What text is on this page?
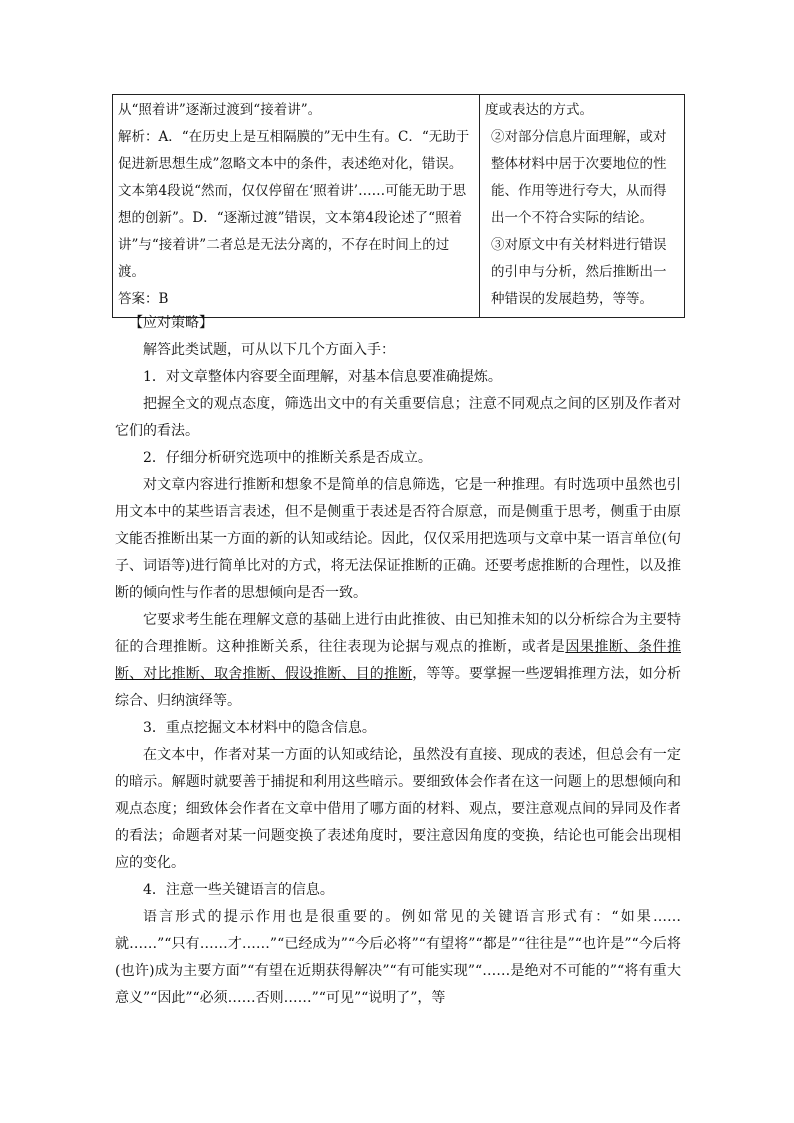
从“照着讲”逐渐过渡到“接着讲”。
解析：A．“在历史上是互相隔膜的”无中生有。C．“无助于促进新思想生成”忽略文本中的条件，表述绝对化，错误。文本第4段说“然而，仅仅停留在‘照着讲’……可能无助于思想的创新”。D．“逐渐过渡”错误，文本第4段论述了“照着讲”与“接着讲”二者总是无法分离的，不存在时间上的过渡。
答案：B

度或表达的方式。

②对部分信息片面理解，或对整体材料中居于次要地位的性能、作用等进行夸大，从而得出一个不符合实际的结论。

③对原文中有关材料进行错误的引申与分析，然后推断出一种错误的发展趋势，等等。

【应对策略】

解答此类试题，可从以下几个方面入手：

1．对文章整体内容要全面理解，对基本信息要准确提炼。

把握全文的观点态度，筛选出文中的有关重要信息；注意不同观点之间的区别及作者对它们的看法。

2．仔细分析研究选项中的推断关系是否成立。

对文章内容进行推断和想象不是简单的信息筛选，它是一种推理。有时选项中虽然也引用文本中的某些语言表述，但不是侧重于表述是否符合原意，而是侧重于思考，侧重于由原文能否推断出某一方面的新的认知或结论。因此，仅仅采用把选项与文章中某一语言单位(句子、词语等)进行简单比对的方式，将无法保证推断的正确。还要考虑推断的合理性，以及推断的倾向性与作者的思想倾向是否一致。

它要求考生能在理解文意的基础上进行由此推彼、由已知推未知的以分析综合为主要特征的合理推断。这种推断关系，往往表现为论据与观点的推断，或者是因果推断、条件推断、对比推断、取舍推断、假设推断、目的推断，等等。要掌握一些逻辑推理方法，如分析综合、归纳演绎等。

3．重点挖掘文本材料中的隐含信息。

在文本中，作者对某一方面的认知或结论，虽然没有直接、现成的表述，但总会有一定的暗示。解题时就要善于捕捉和利用这些暗示。要细致体会作者在这一问题上的思想倾向和观点态度；细致体会作者在文章中借用了哪方面的材料、观点，要注意观点间的异同及作者的看法；命题者对某一问题变换了表述角度时，要注意因角度的变换，结论也可能会出现相应的变化。

4．注意一些关键语言的信息。

语言形式的提示作用也是很重要的。例如常见的关键语言形式有：“如果……就……”“只有……才……”“已经成为”“今后必将”“有望将”“都是”“往往是”“也许是”“今后将(也许)成为主要方面”“有望在近期获得解决”“有可能实现”“……是绝对不可能的”“将有重大意义”“因此”“必须……否则……”“可见”“说明了”，等
